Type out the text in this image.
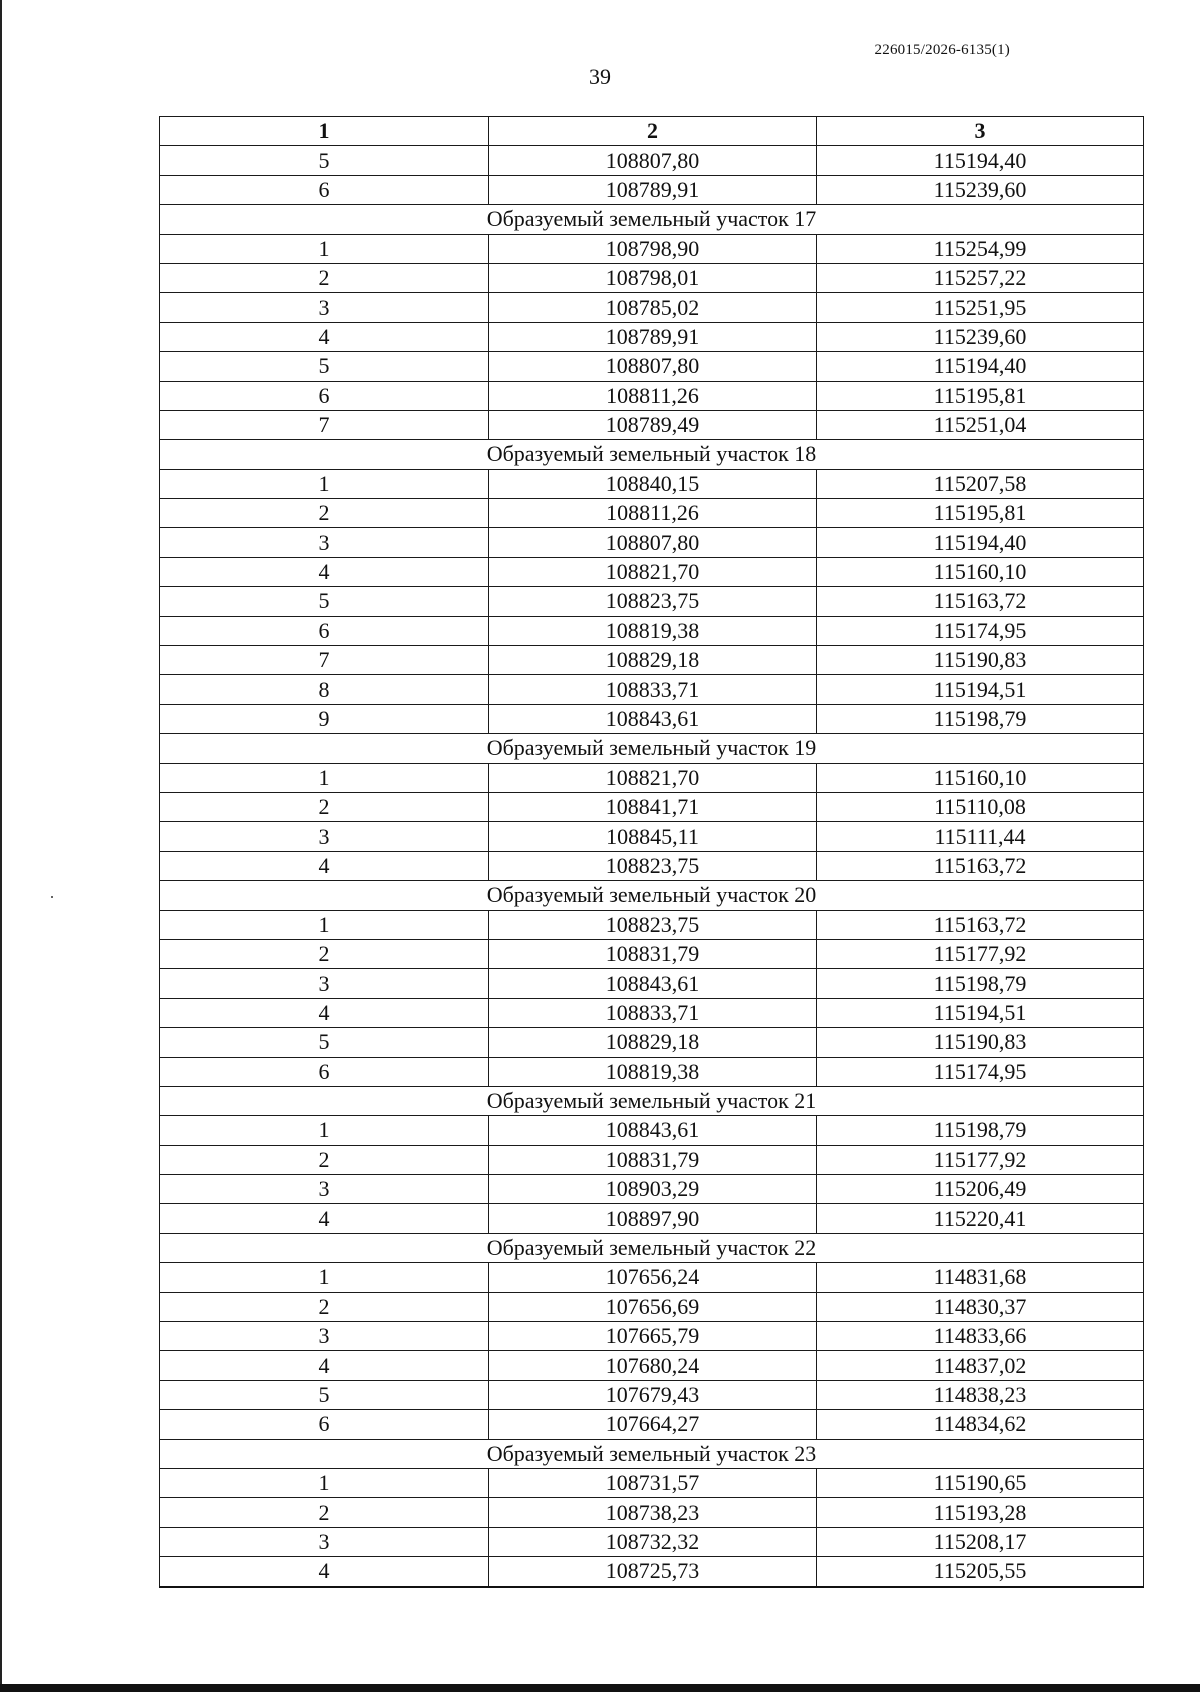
226015/2026-6135(1)
39
1	2	3
5	108807,80	115194,40
6	108789,91	115239,60
Образуемый земельный участок 17		
1	108798,90	115254,99
2	108798,01	115257,22
3	108785,02	115251,95
4	108789,91	115239,60
5	108807,80	115194,40
6	108811,26	115195,81
7	108789,49	115251,04
Образуемый земельный участок 18		
1	108840,15	115207,58
2	108811,26	115195,81
3	108807,80	115194,40
4	108821,70	115160,10
5	108823,75	115163,72
6	108819,38	115174,95
7	108829,18	115190,83
8	108833,71	115194,51
9	108843,61	115198,79
Образуемый земельный участок 19		
1	108821,70	115160,10
2	108841,71	115110,08
3	108845,11	115111,44
4	108823,75	115163,72
Образуемый земельный участок 20		
1	108823,75	115163,72
2	108831,79	115177,92
3	108843,61	115198,79
4	108833,71	115194,51
5	108829,18	115190,83
6	108819,38	115174,95
Образуемый земельный участок 21		
1	108843,61	115198,79
2	108831,79	115177,92
3	108903,29	115206,49
4	108897,90	115220,41
Образуемый земельный участок 22		
1	107656,24	114831,68
2	107656,69	114830,37
3	107665,79	114833,66
4	107680,24	114837,02
5	107679,43	114838,23
6	107664,27	114834,62
Образуемый земельный участок 23		
1	108731,57	115190,65
2	108738,23	115193,28
3	108732,32	115208,17
4	108725,73	115205,55
